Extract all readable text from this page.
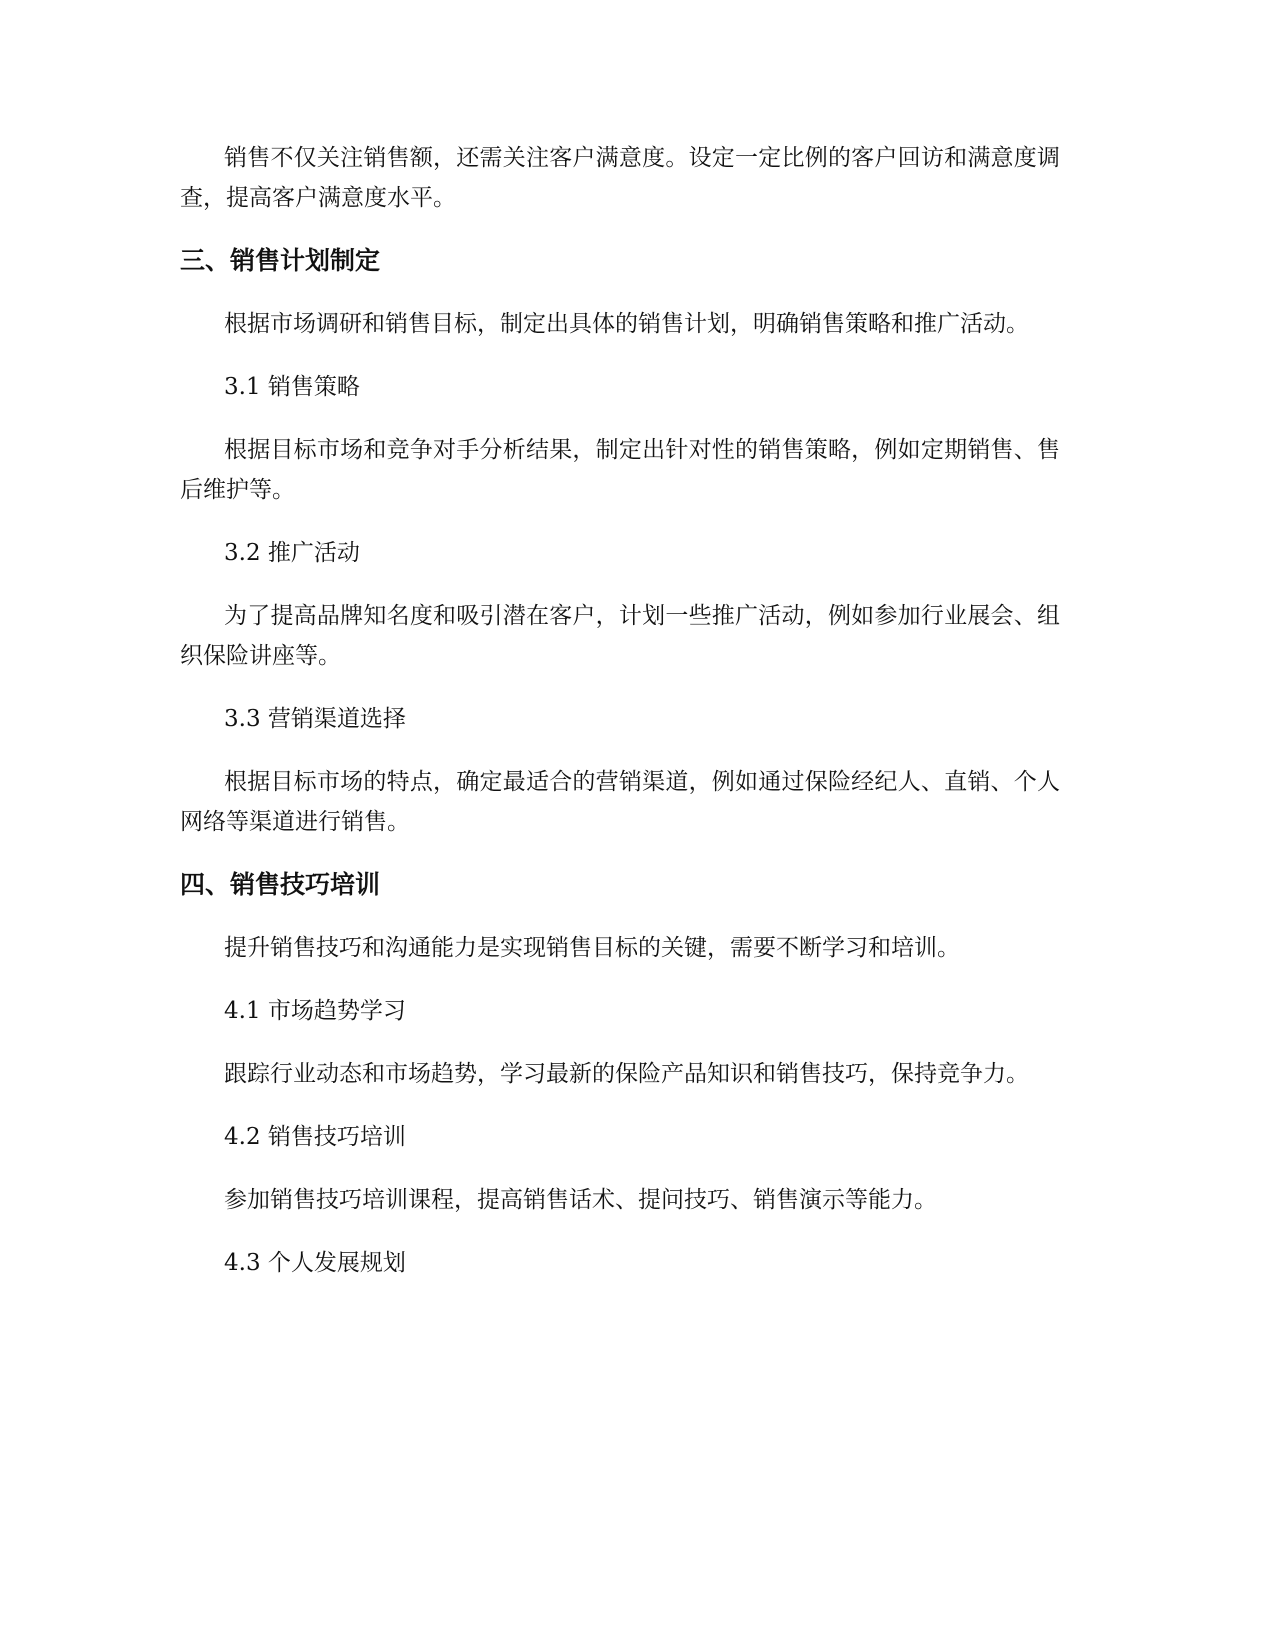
销售不仅关注销售额，还需关注客户满意度。设定一定比例的客户回访和满意度调查，提高客户满意度水平。

三、销售计划制定

根据市场调研和销售目标，制定出具体的销售计划，明确销售策略和推广活动。

3.1 销售策略

根据目标市场和竞争对手分析结果，制定出针对性的销售策略，例如定期销售、售后维护等。

3.2 推广活动

为了提高品牌知名度和吸引潜在客户，计划一些推广活动，例如参加行业展会、组织保险讲座等。

3.3 营销渠道选择

根据目标市场的特点，确定最适合的营销渠道，例如通过保险经纪人、直销、个人网络等渠道进行销售。

四、销售技巧培训

提升销售技巧和沟通能力是实现销售目标的关键，需要不断学习和培训。

4.1 市场趋势学习

跟踪行业动态和市场趋势，学习最新的保险产品知识和销售技巧，保持竞争力。

4.2 销售技巧培训

参加销售技巧培训课程，提高销售话术、提问技巧、销售演示等能力。

4.3 个人发展规划
